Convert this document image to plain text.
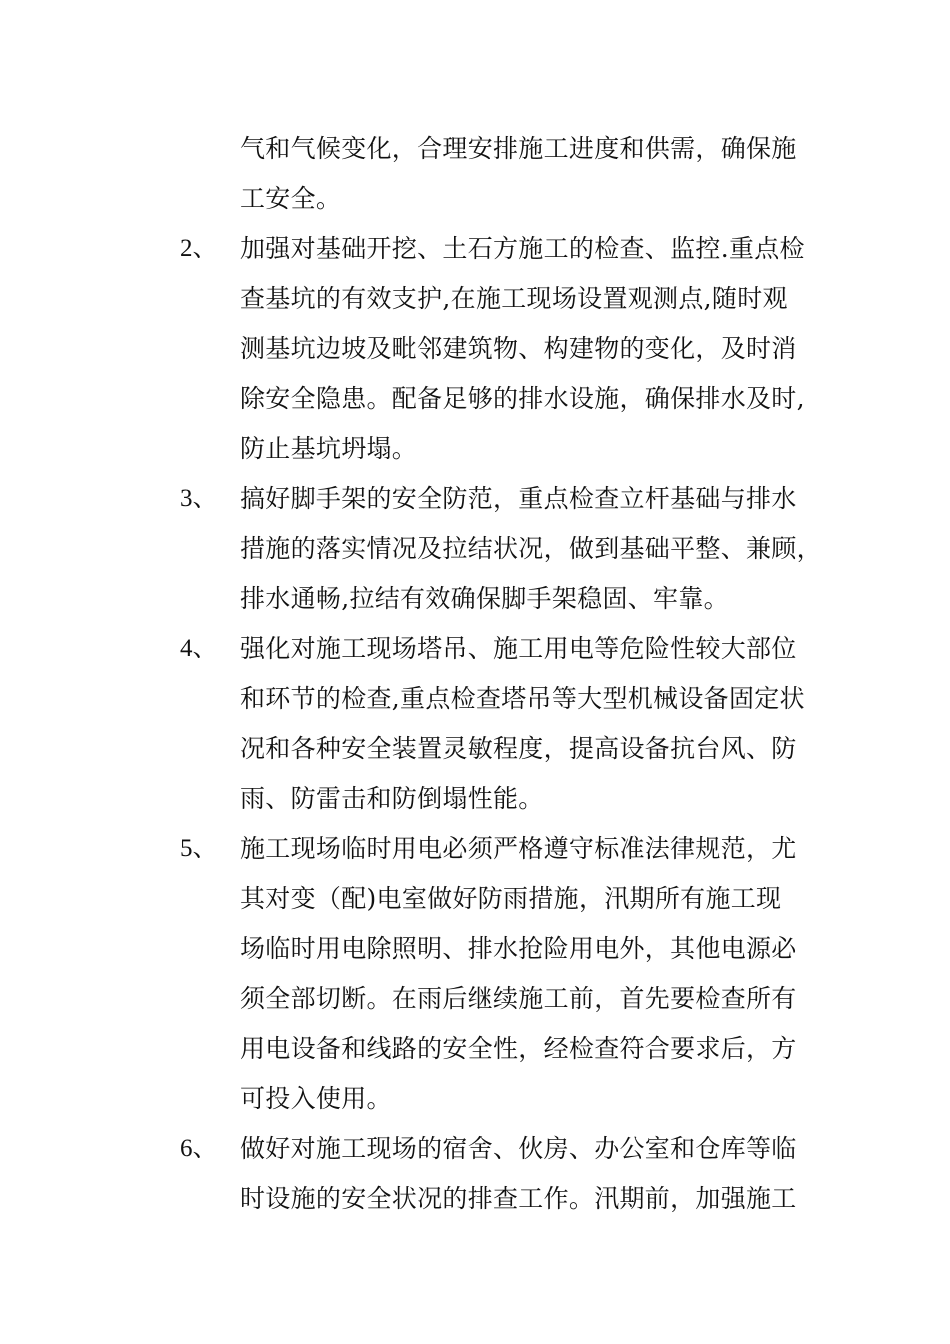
气和气候变化，合理安排施工进度和供需，确保施
工安全。
2、 加强对基础开挖、土石方施工的检查、监控.重点检
查基坑的有效支护,在施工现场设置观测点,随时观
测基坑边坡及毗邻建筑物、构建物的变化，及时消
除安全隐患。配备足够的排水设施，确保排水及时,
防止基坑坍塌。
3、 搞好脚手架的安全防范，重点检查立杆基础与排水
措施的落实情况及拉结状况，做到基础平整、兼顾，
排水通畅,拉结有效确保脚手架稳固、牢靠。
4、 强化对施工现场塔吊、施工用电等危险性较大部位
和环节的检查,重点检查塔吊等大型机械设备固定状
况和各种安全装置灵敏程度，提高设备抗台风、防
雨、防雷击和防倒塌性能。
5、 施工现场临时用电必须严格遵守标准法律规范，尤
其对变（配)电室做好防雨措施，汛期所有施工现
场临时用电除照明、排水抢险用电外，其他电源必
须全部切断。在雨后继续施工前，首先要检查所有
用电设备和线路的安全性，经检查符合要求后，方
可投入使用。
6、 做好对施工现场的宿舍、伙房、办公室和仓库等临
时设施的安全状况的排查工作。汛期前，加强施工
